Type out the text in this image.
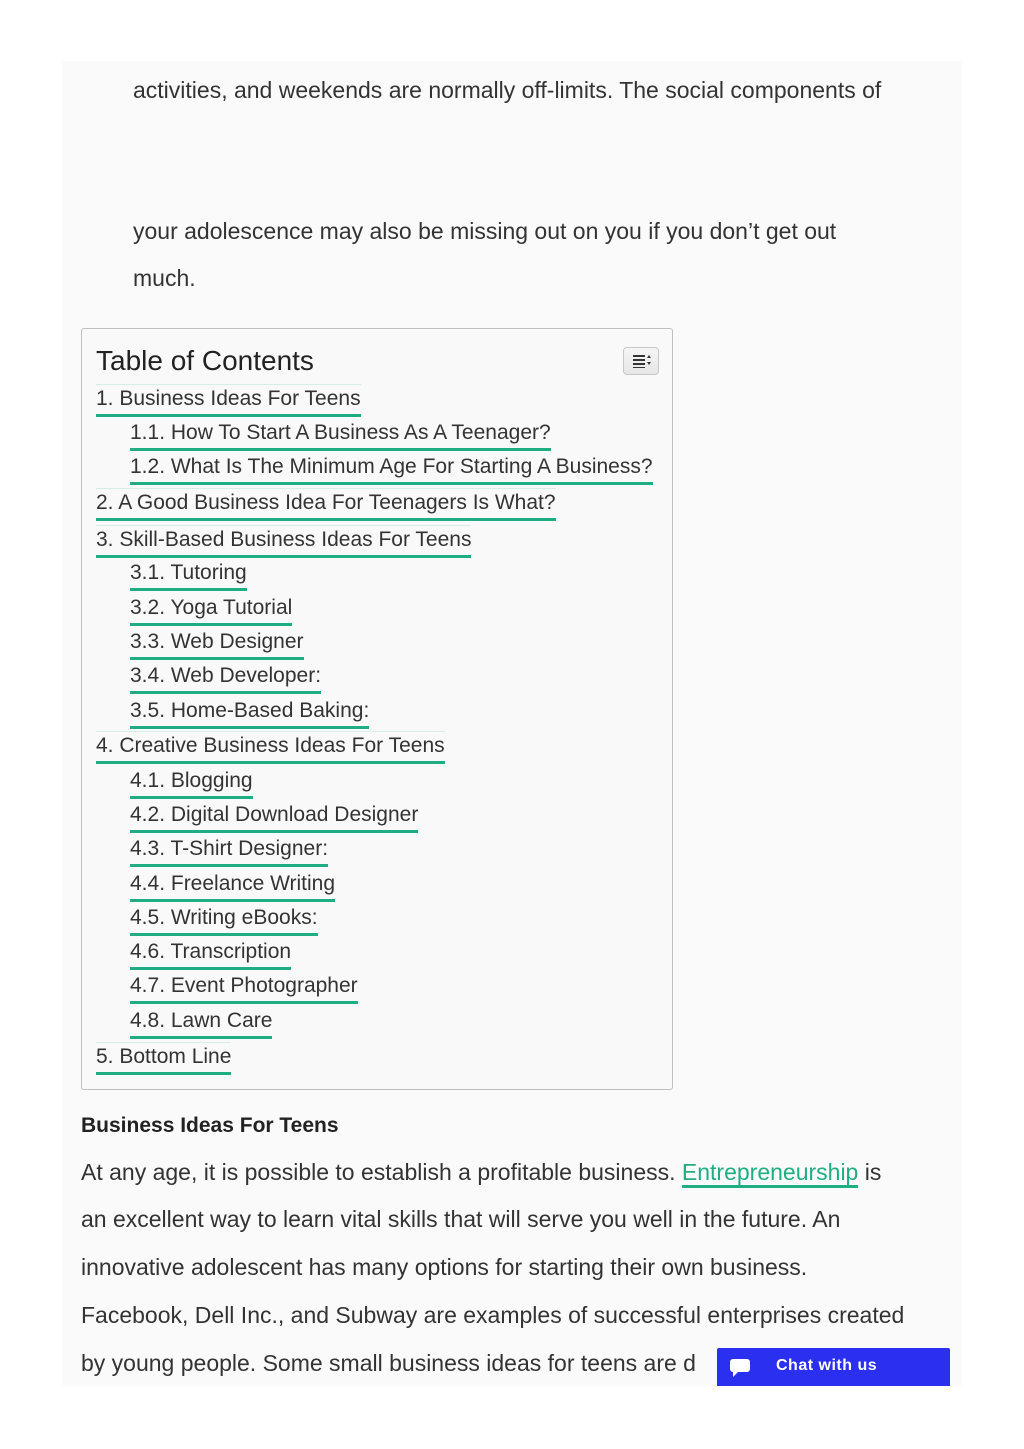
activities, and weekends are normally off-limits. The social components of
your adolescence may also be missing out on you if you don’t get out
much.
Table of Contents
1. Business Ideas For Teens
1.1. How To Start A Business As A Teenager?
1.2. What Is The Minimum Age For Starting A Business?
2. A Good Business Idea For Teenagers Is What?
3. Skill-Based Business Ideas For Teens
3.1. Tutoring
3.2. Yoga Tutorial
3.3. Web Designer
3.4. Web Developer:
3.5. Home-Based Baking:
4. Creative Business Ideas For Teens
4.1. Blogging
4.2. Digital Download Designer
4.3. T-Shirt Designer:
4.4. Freelance Writing
4.5. Writing eBooks:
4.6. Transcription
4.7. Event Photographer
4.8. Lawn Care
5. Bottom Line
Business Ideas For Teens
At any age, it is possible to establish a profitable business. Entrepreneurship is
an excellent way to learn vital skills that will serve you well in the future. An
innovative adolescent has many options for starting their own business.
Facebook, Dell Inc., and Subway are examples of successful enterprises created
by young people. Some small business ideas for teens are d	Chat with us
